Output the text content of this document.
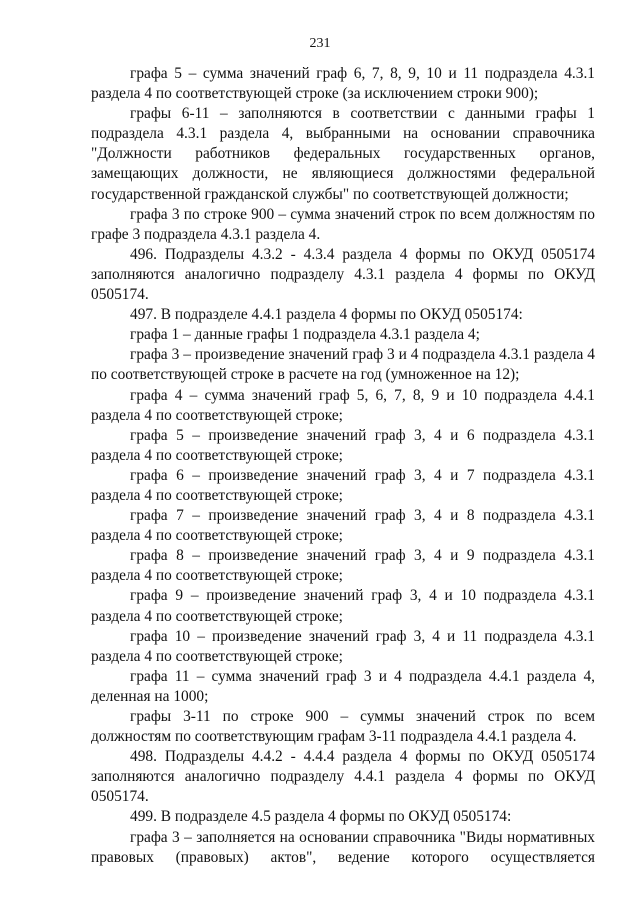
231

графа 5 – сумма значений граф 6, 7, 8, 9, 10 и 11 подраздела 4.3.1 раздела 4 по соответствующей строке (за исключением строки 900);

графы 6-11 – заполняются в соответствии с данными графы 1 подраздела 4.3.1 раздела 4, выбранными на основании справочника "Должности работников федеральных государственных органов, замещающих должности, не являющиеся должностями федеральной государственной гражданской службы" по соответствующей должности;

графа 3 по строке 900 – сумма значений строк по всем должностям по графе 3 подраздела 4.3.1 раздела 4.

496. Подразделы 4.3.2 - 4.3.4 раздела 4 формы по ОКУД 0505174 заполняются аналогично подразделу 4.3.1 раздела 4 формы по ОКУД 0505174.

497. В подразделе 4.4.1 раздела 4 формы по ОКУД 0505174:

графа 1 – данные графы 1 подраздела 4.3.1 раздела 4;

графа 3 – произведение значений граф 3 и 4 подраздела 4.3.1 раздела 4 по соответствующей строке в расчете на год (умноженное на 12);

графа 4 – сумма значений граф 5, 6, 7, 8, 9 и 10 подраздела 4.4.1 раздела 4 по соответствующей строке;

графа 5 – произведение значений граф 3, 4 и 6 подраздела 4.3.1 раздела 4 по соответствующей строке;

графа 6 – произведение значений граф 3, 4 и 7 подраздела 4.3.1 раздела 4 по соответствующей строке;

графа 7 – произведение значений граф 3, 4 и 8 подраздела 4.3.1 раздела 4 по соответствующей строке;

графа 8 – произведение значений граф 3, 4 и 9 подраздела 4.3.1 раздела 4 по соответствующей строке;

графа 9 – произведение значений граф 3, 4 и 10 подраздела 4.3.1 раздела 4 по соответствующей строке;

графа 10 – произведение значений граф 3, 4 и 11 подраздела 4.3.1 раздела 4 по соответствующей строке;

графа 11 – сумма значений граф 3 и 4 подраздела 4.4.1 раздела 4, деленная на 1000;

графы 3-11 по строке 900 – суммы значений строк по всем должностям по соответствующим графам 3-11 подраздела 4.4.1 раздела 4.

498. Подразделы 4.4.2 - 4.4.4 раздела 4 формы по ОКУД 0505174 заполняются аналогично подразделу 4.4.1 раздела 4 формы по ОКУД 0505174.

499. В подразделе 4.5 раздела 4 формы по ОКУД 0505174:

графа 3 – заполняется на основании справочника "Виды нормативных правовых (правовых) актов", ведение которого осуществляется
